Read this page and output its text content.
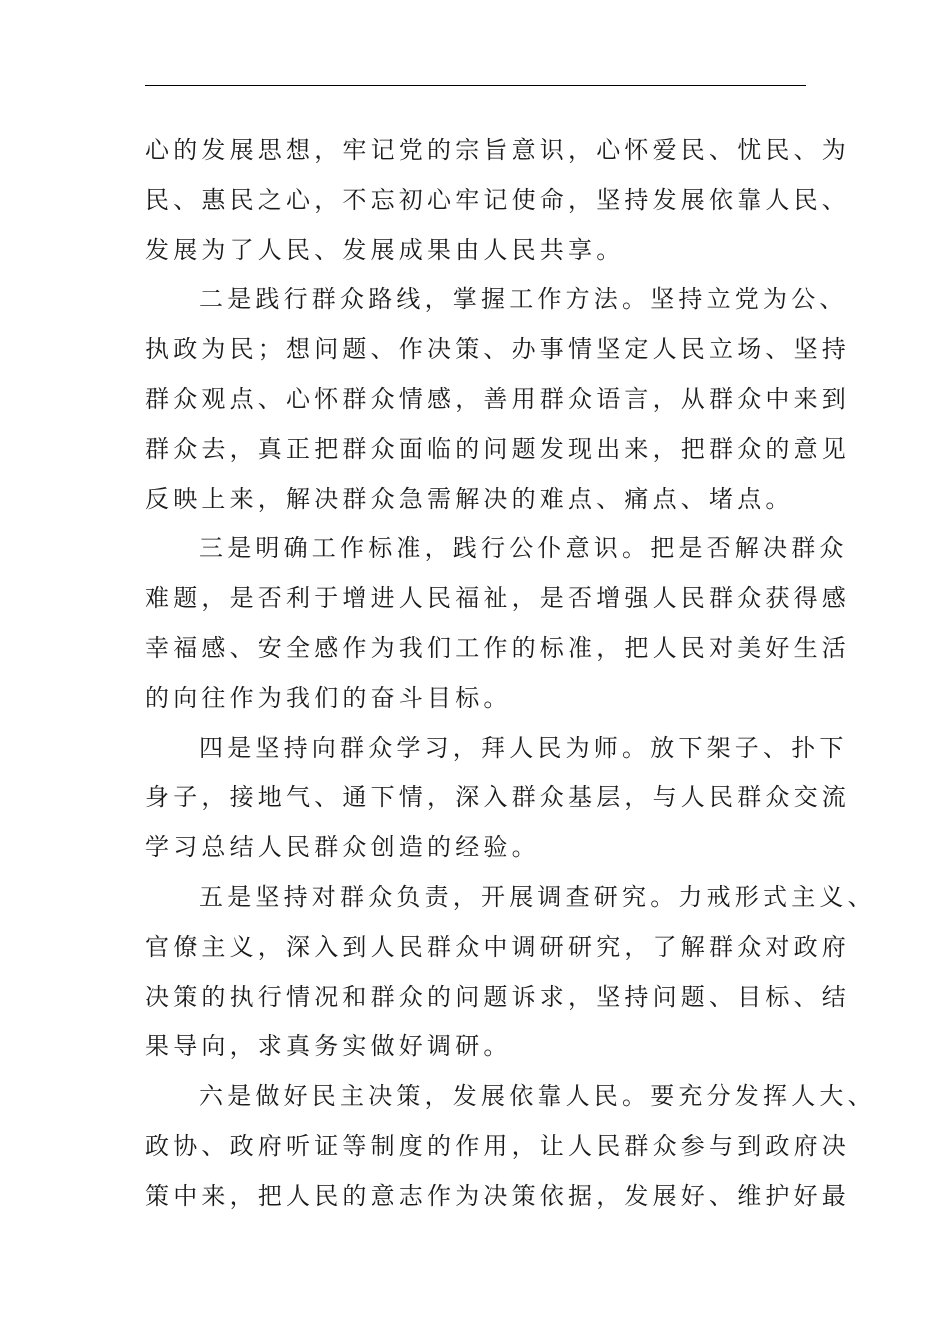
心的发展思想，牢记党的宗旨意识，心怀爱民、忧民、为
民、惠民之心，不忘初心牢记使命，坚持发展依靠人民、
发展为了人民、发展成果由人民共享。
二是践行群众路线，掌握工作方法。坚持立党为公、
执政为民；想问题、作决策、办事情坚定人民立场、坚持
群众观点、心怀群众情感，善用群众语言，从群众中来到
群众去，真正把群众面临的问题发现出来，把群众的意见
反映上来，解决群众急需解决的难点、痛点、堵点。
三是明确工作标准，践行公仆意识。把是否解决群众
难题，是否利于增进人民福祉，是否增强人民群众获得感
幸福感、安全感作为我们工作的标准，把人民对美好生活
的向往作为我们的奋斗目标。
四是坚持向群众学习，拜人民为师。放下架子、扑下
身子，接地气、通下情，深入群众基层，与人民群众交流
学习总结人民群众创造的经验。
五是坚持对群众负责，开展调查研究。力戒形式主义、
官僚主义，深入到人民群众中调研研究，了解群众对政府
决策的执行情况和群众的问题诉求，坚持问题、目标、结
果导向，求真务实做好调研。
六是做好民主决策，发展依靠人民。要充分发挥人大、
政协、政府听证等制度的作用，让人民群众参与到政府决
策中来，把人民的意志作为决策依据，发展好、维护好最
